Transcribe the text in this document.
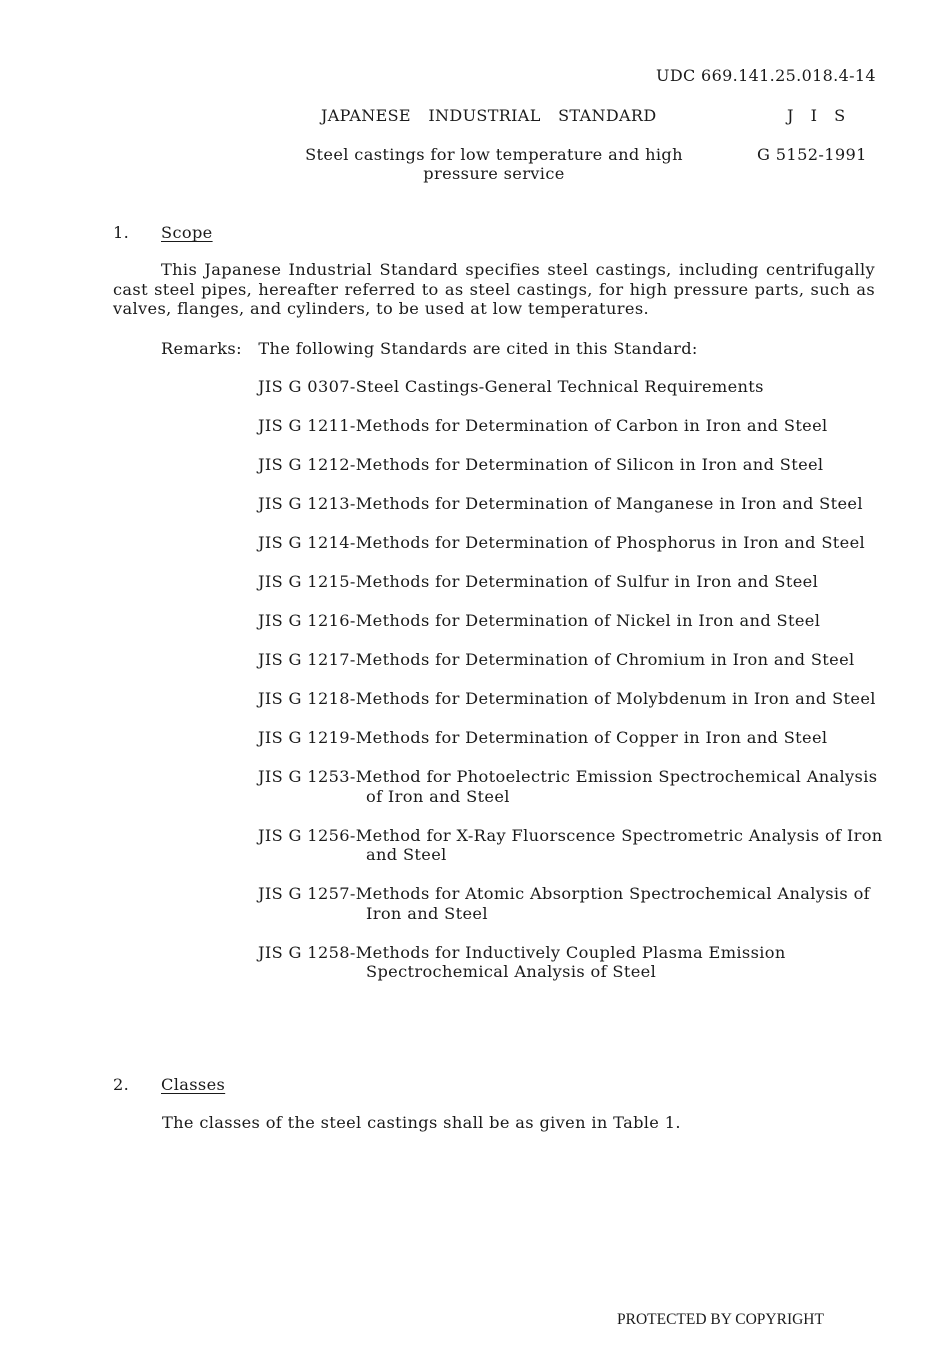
UDC 669.141.25.018.4-14
JAPANESE INDUSTRIAL STANDARD	J I S
Steel castings for low temperature and high pressure service
G 5152-1991
1. Scope
This Japanese Industrial Standard specifies steel castings, including centrifugally cast steel pipes, hereafter referred to as steel castings, for high pressure parts, such as valves, flanges, and cylinders, to be used at low temperatures.
Remarks: The following Standards are cited in this Standard:
JIS G 0307-Steel Castings-General Technical Requirements
JIS G 1211-Methods for Determination of Carbon in Iron and Steel
JIS G 1212-Methods for Determination of Silicon in Iron and Steel
JIS G 1213-Methods for Determination of Manganese in Iron and Steel
JIS G 1214-Methods for Determination of Phosphorus in Iron and Steel
JIS G 1215-Methods for Determination of Sulfur in Iron and Steel
JIS G 1216-Methods for Determination of Nickel in Iron and Steel
JIS G 1217-Methods for Determination of Chromium in Iron and Steel
JIS G 1218-Methods for Determination of Molybdenum in Iron and Steel
JIS G 1219-Methods for Determination of Copper in Iron and Steel
JIS G 1253-Method for Photoelectric Emission Spectrochemical Analysis of Iron and Steel
JIS G 1256-Method for X-Ray Fluorscence Spectrometric Analysis of Iron and Steel
JIS G 1257-Methods for Atomic Absorption Spectrochemical Analysis of Iron and Steel
JIS G 1258-Methods for Inductively Coupled Plasma Emission Spectrochemical Analysis of Steel
2. Classes
The classes of the steel castings shall be as given in Table 1.
PROTECTED BY COPYRIGHT
